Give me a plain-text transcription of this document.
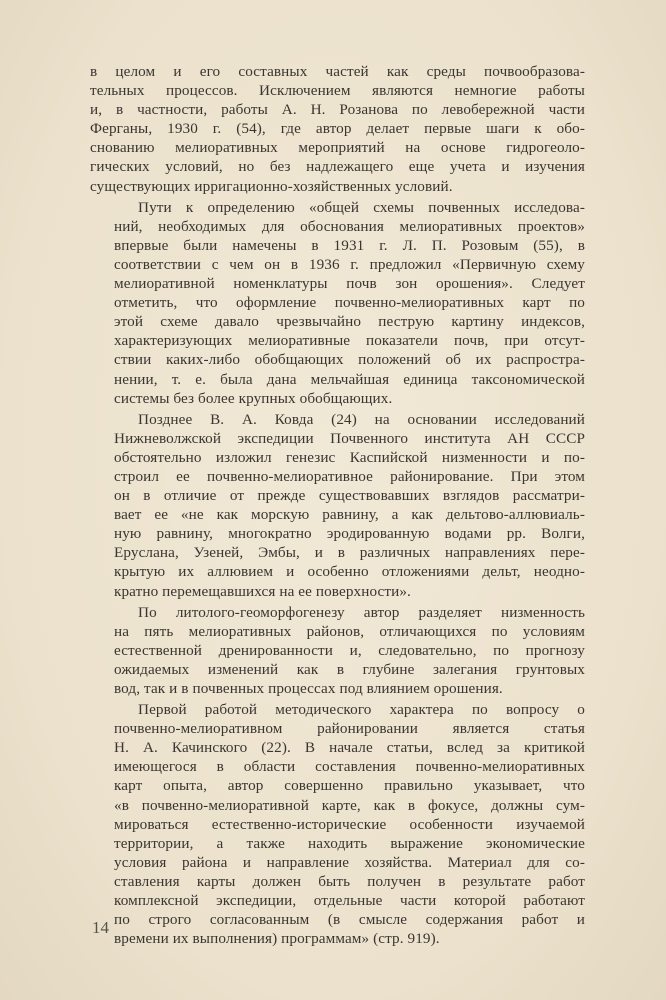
в целом и его составных частей как среды почвообразова-
тельных процессов. Исключением являются немногие работы
и, в частности, работы А. Н. Розанова по левобережной части
Ферганы, 1930 г. (54), где автор делает первые шаги к обо-
снованию мелиоративных мероприятий на основе гидрогеоло-
гических условий, но без надлежащего еще учета и изучения
существующих ирригационно-хозяйственных условий.
Пути к определению «общей схемы почвенных исследова-
ний, необходимых для обоснования мелиоративных проектов»
впервые были намечены в 1931 г. Л. П. Розовым (55), в
соответствии с чем он в 1936 г. предложил «Первичную схему
мелиоративной номенклатуры почв зон орошения». Следует
отметить, что оформление почвенно-мелиоративных карт по
этой схеме давало чрезвычайно пеструю картину индексов,
характеризующих мелиоративные показатели почв, при отсут-
ствии каких-либо обобщающих положений об их распростра-
нении, т. е. была дана мельчайшая единица таксономической
системы без более крупных обобщающих.
Позднее В. А. Ковда (24) на основании исследований
Нижневолжской экспедиции Почвенного института АН СССР
обстоятельно изложил генезис Каспийской низменности и по-
строил ее почвенно-мелиоративное районирование. При этом
он в отличие от прежде существовавших взглядов рассматри-
вает ее «не как морскую равнину, а как дельтово-аллювиаль-
ную равнину, многократно эродированную водами рр. Волги,
Еруслана, Узеней, Эмбы, и в различных направлениях пере-
крытую их аллювием и особенно отложениями дельт, неодно-
кратно перемещавшихся на ее поверхности».
По литолого-геоморфогенезу автор разделяет низменность
на пять мелиоративных районов, отличающихся по условиям
естественной дренированности и, следовательно, по прогнозу
ожидаемых изменений как в глубине залегания грунтовых
вод, так и в почвенных процессах под влиянием орошения.
Первой работой методического характера по вопросу о
почвенно-мелиоративном районировании является статья
Н. А. Качинского (22). В начале статьи, вслед за критикой
имеющегося в области составления почвенно-мелиоративных
карт опыта, автор совершенно правильно указывает, что
«в почвенно-мелиоративной карте, как в фокусе, должны сум-
мироваться естественно-исторические особенности изучаемой
территории, а также находить выражение экономические
условия района и направление хозяйства. Материал для со-
ставления карты должен быть получен в результате работ
комплексной экспедиции, отдельные части которой работают
по строго согласованным (в смысле содержания работ и
времени их выполнения) программам» (стр. 919).
14
